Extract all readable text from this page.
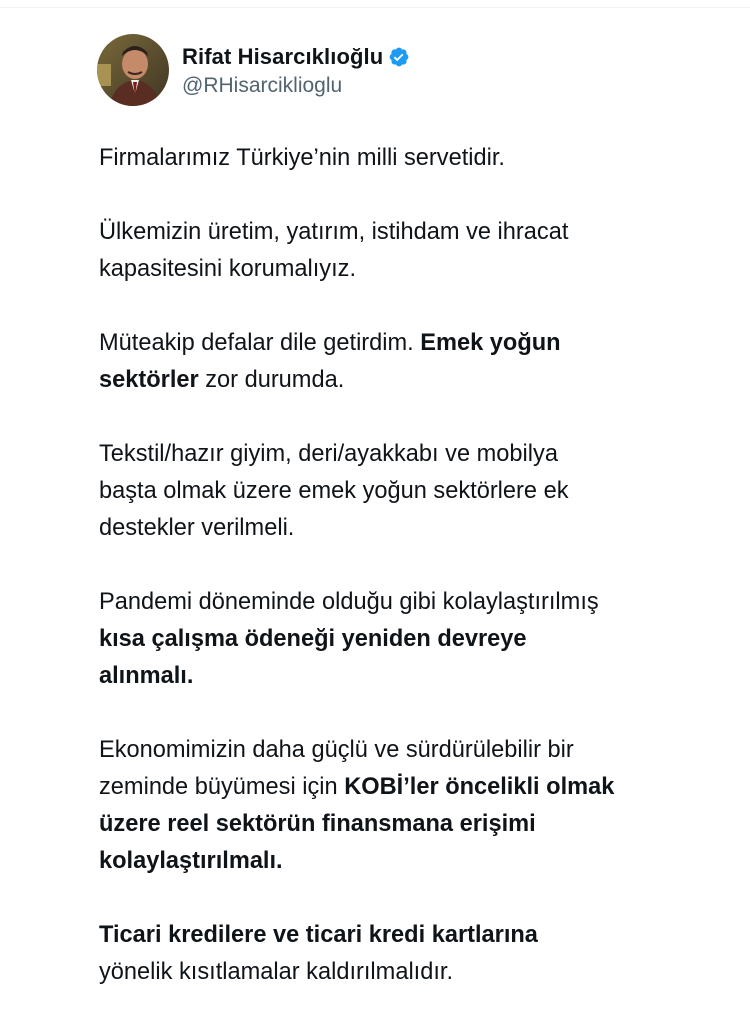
Rifat Hisarcıklıoğlu
@RHisarciklioglu
Firmalarımız Türkiye’nin milli servetidir.
Ülkemizin üretim, yatırım, istihdam ve ihracat
kapasitesini korumalıyız.
Müteakip defalar dile getirdim. Emek yoğun
sektörler zor durumda.
Tekstil/hazır giyim, deri/ayakkabı ve mobilya
başta olmak üzere emek yoğun sektörlere ek
destekler verilmeli.
Pandemi döneminde olduğu gibi kolaylaştırılmış
kısa çalışma ödeneği yeniden devreye
alınmalı.
Ekonomimizin daha güçlü ve sürdürülebilir bir
zeminde büyümesi için KOBİ’ler öncelikli olmak
üzere reel sektörün finansmana erişimi
kolaylaştırılmalı.
Ticari kredilere ve ticari kredi kartlarına
yönelik kısıtlamalar kaldırılmalıdır.
